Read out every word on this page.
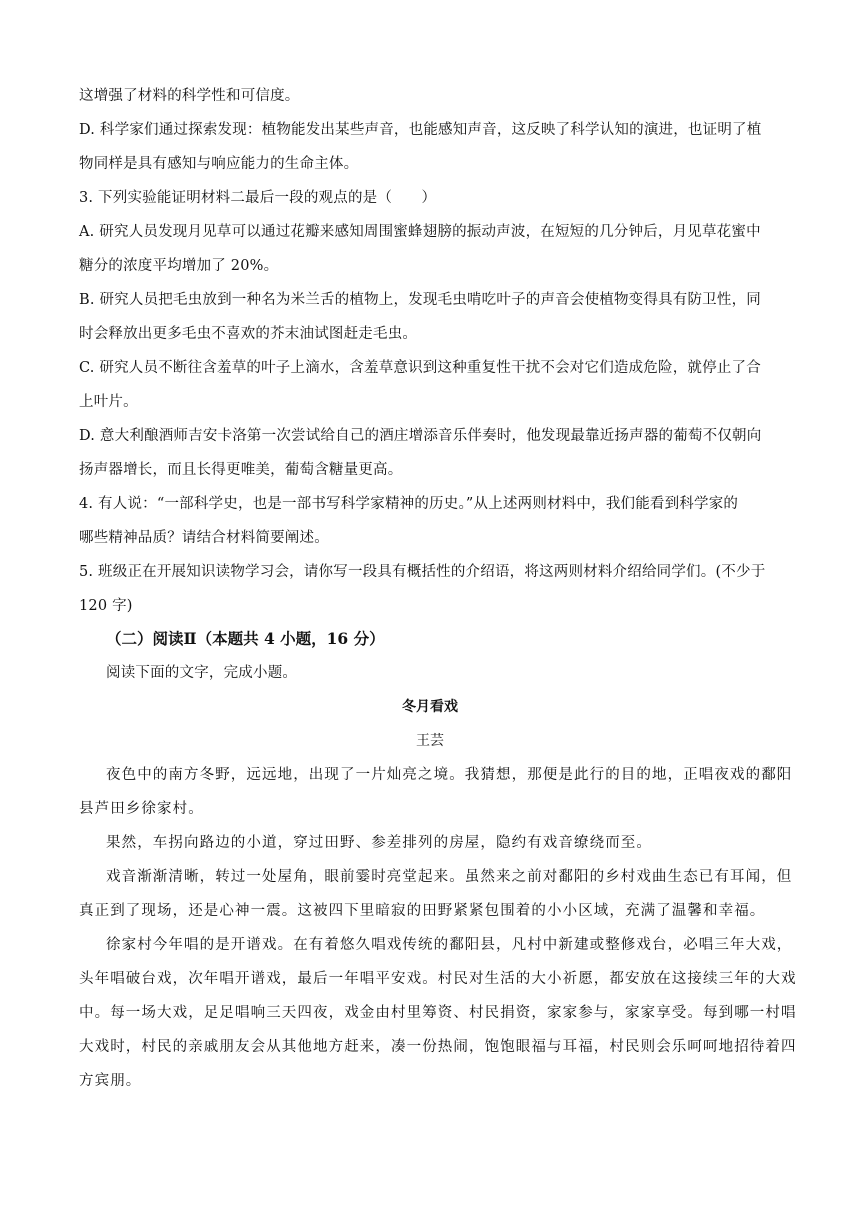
这增强了材料的科学性和可信度。
D. 科学家们通过探索发现：植物能发出某些声音，也能感知声音，这反映了科学认知的演进，也证明了植
物同样是具有感知与响应能力的生命主体。
3. 下列实验能证明材料二最后一段的观点的是（　　）
A. 研究人员发现月见草可以通过花瓣来感知周围蜜蜂翅膀的振动声波，在短短的几分钟后，月见草花蜜中
糖分的浓度平均增加了 20%。
B. 研究人员把毛虫放到一种名为米兰舌的植物上，发现毛虫啃吃叶子的声音会使植物变得具有防卫性，同
时会释放出更多毛虫不喜欢的芥末油试图赶走毛虫。
C. 研究人员不断往含羞草的叶子上滴水，含羞草意识到这种重复性干扰不会对它们造成危险，就停止了合
上叶片。
D. 意大利酿酒师吉安卡洛第一次尝试给自己的酒庄增添音乐伴奏时，他发现最靠近扬声器的葡萄不仅朝向
扬声器增长，而且长得更唯美，葡萄含糖量更高。
4. 有人说：“一部科学史，也是一部书写科学家精神的历史。”从上述两则材料中，我们能看到科学家的
哪些精神品质？请结合材料简要阐述。
5. 班级正在开展知识读物学习会，请你写一段具有概括性的介绍语，将这两则材料介绍给同学们。(不少于
120 字)
（二）阅读Ⅱ（本题共 4 小题，16 分）
阅读下面的文字，完成小题。
冬月看戏
王芸
夜色中的南方冬野，远远地，出现了一片灿亮之境。我猜想，那便是此行的目的地，正唱夜戏的鄱阳
县芦田乡徐家村。
果然，车拐向路边的小道，穿过田野、参差排列的房屋，隐约有戏音缭绕而至。
戏音渐渐清晰，转过一处屋角，眼前霎时亮堂起来。虽然来之前对鄱阳的乡村戏曲生态已有耳闻，但
真正到了现场，还是心神一震。这被四下里暗寂的田野紧紧包围着的小小区域，充满了温馨和幸福。
徐家村今年唱的是开谱戏。在有着悠久唱戏传统的鄱阳县，凡村中新建或整修戏台，必唱三年大戏，
头年唱破台戏，次年唱开谱戏，最后一年唱平安戏。村民对生活的大小祈愿，都安放在这接续三年的大戏
中。每一场大戏，足足唱响三天四夜，戏金由村里筹资、村民捐资，家家参与，家家享受。每到哪一村唱
大戏时，村民的亲戚朋友会从其他地方赶来，凑一份热闹，饱饱眼福与耳福，村民则会乐呵呵地招待着四
方宾朋。
